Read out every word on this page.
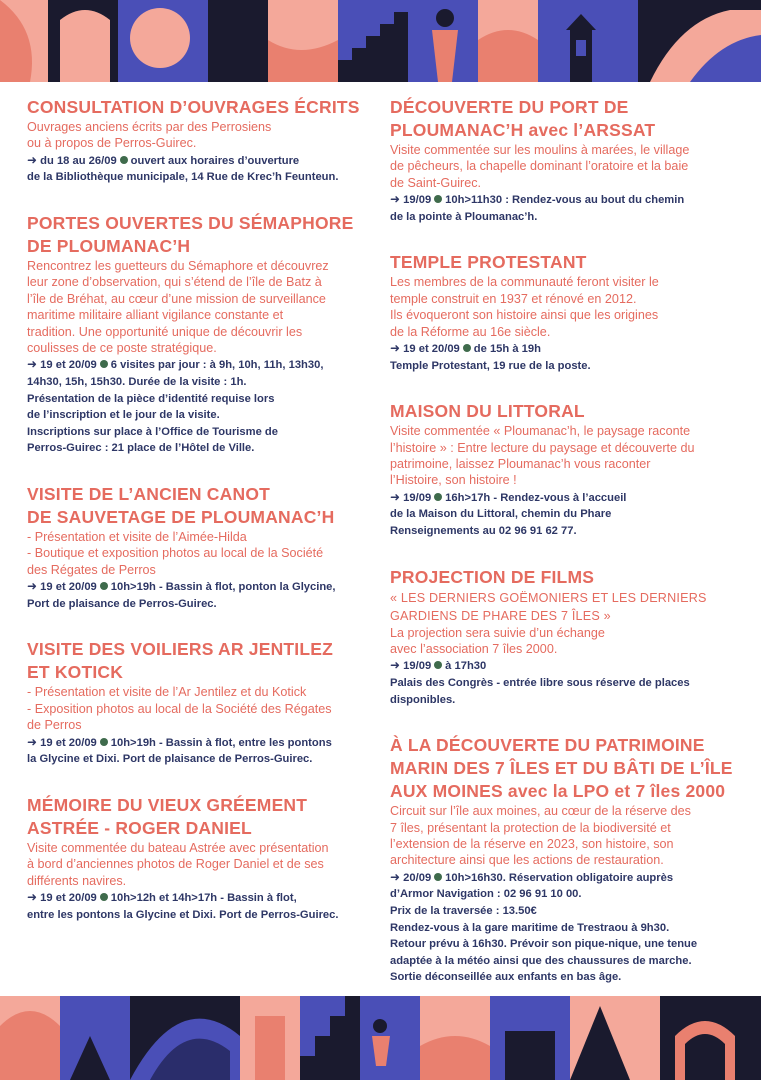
CONSULTATION D’OUVRAGES ÉCRITS
Ouvrages anciens écrits par des Perrosiens
ou à propos de Perros-Guirec.
➜ du 18 au 26/09 ouvert aux horaires d’ouverture
de la Bibliothèque municipale, 14 Rue de Krec’h Feunteun.
PORTES OUVERTES DU SÉMAPHORE
DE PLOUMANAC’H
Rencontrez les guetteurs du Sémaphore et découvrez
leur zone d’observation, qui s’étend de l’île de Batz à
l’île de Bréhat, au cœur d’une mission de surveillance
maritime militaire alliant vigilance constante et
tradition. Une opportunité unique de découvrir les
coulisses de ce poste stratégique.
➜ 19 et 20/09 6 visites par jour : à 9h, 10h, 11h, 13h30,
14h30, 15h, 15h30. Durée de la visite : 1h.
Présentation de la pièce d’identité requise lors
de l’inscription et le jour de la visite.
Inscriptions sur place à l’Office de Tourisme de
Perros-Guirec : 21 place de l’Hôtel de Ville.
VISITE DE L’ANCIEN CANOT
DE SAUVETAGE DE PLOUMANAC’H
- Présentation et visite de l’Aimée-Hilda
- Boutique et exposition photos au local de la Société
des Régates de Perros
➜ 19 et 20/09 10h>19h - Bassin à flot, ponton la Glycine,
Port de plaisance de Perros-Guirec.
VISITE DES VOILIERS AR JENTILEZ
ET KOTICK
- Présentation et visite de l’Ar Jentilez et du Kotick
- Exposition photos au local de la Société des Régates
de Perros
➜ 19 et 20/09 10h>19h - Bassin à flot, entre les pontons
la Glycine et Dixi. Port de plaisance de Perros-Guirec.
MÉMOIRE DU VIEUX GRÉEMENT
ASTRÉE - ROGER DANIEL
Visite commentée du bateau Astrée avec présentation
à bord d’anciennes photos de Roger Daniel et de ses
différents navires.
➜ 19 et 20/09 10h>12h et 14h>17h - Bassin à flot,
entre les pontons la Glycine et Dixi. Port de Perros-Guirec.
DÉCOUVERTE DU PORT DE
PLOUMANAC’H avec l’ARSSAT
Visite commentée sur les moulins à marées, le village
de pêcheurs, la chapelle dominant l’oratoire et la baie
de Saint-Guirec.
➜ 19/09 10h>11h30 : Rendez-vous au bout du chemin
de la pointe à Ploumanac’h.
TEMPLE PROTESTANT
Les membres de la communauté feront visiter le
temple construit en 1937 et rénové en 2012.
Ils évoqueront son histoire ainsi que les origines
de la Réforme au 16e siècle.
➜ 19 et 20/09 de 15h à 19h
Temple Protestant, 19 rue de la poste.
MAISON DU LITTORAL
Visite commentée « Ploumanac’h, le paysage raconte
l’histoire » : Entre lecture du paysage et découverte du
patrimoine, laissez Ploumanac’h vous raconter
l’Histoire, son histoire !
➜ 19/09 16h>17h - Rendez-vous à l’accueil
de la Maison du Littoral, chemin du Phare
Renseignements au 02 96 91 62 77.
PROJECTION DE FILMS
« LES DERNIERS GOËMONIERS ET LES DERNIERS
GARDIENS DE PHARE DES 7 ÎLES »
La projection sera suivie d’un échange
avec l’association 7 îles 2000.
➜ 19/09 à 17h30
Palais des Congrès - entrée libre sous réserve de places
disponibles.
À LA DÉCOUVERTE DU PATRIMOINE
MARIN DES 7 ÎLES ET DU BÂTI DE L’ÎLE
AUX MOINES avec la LPO et 7 îles 2000
Circuit sur l’île aux moines, au cœur de la réserve des
7 îles, présentant la protection de la biodiversité et
l’extension de la réserve en 2023, son histoire, son
architecture ainsi que les actions de restauration.
➜ 20/09 10h>16h30. Réservation obligatoire auprès
d’Armor Navigation : 02 96 91 10 00.
Prix de la traversée : 13.50€
Rendez-vous à la gare maritime de Trestraou à 9h30.
Retour prévu à 16h30. Prévoir son pique-nique, une tenue
adaptée à la météo ainsi que des chaussures de marche.
Sortie déconseillée aux enfants en bas âge.
